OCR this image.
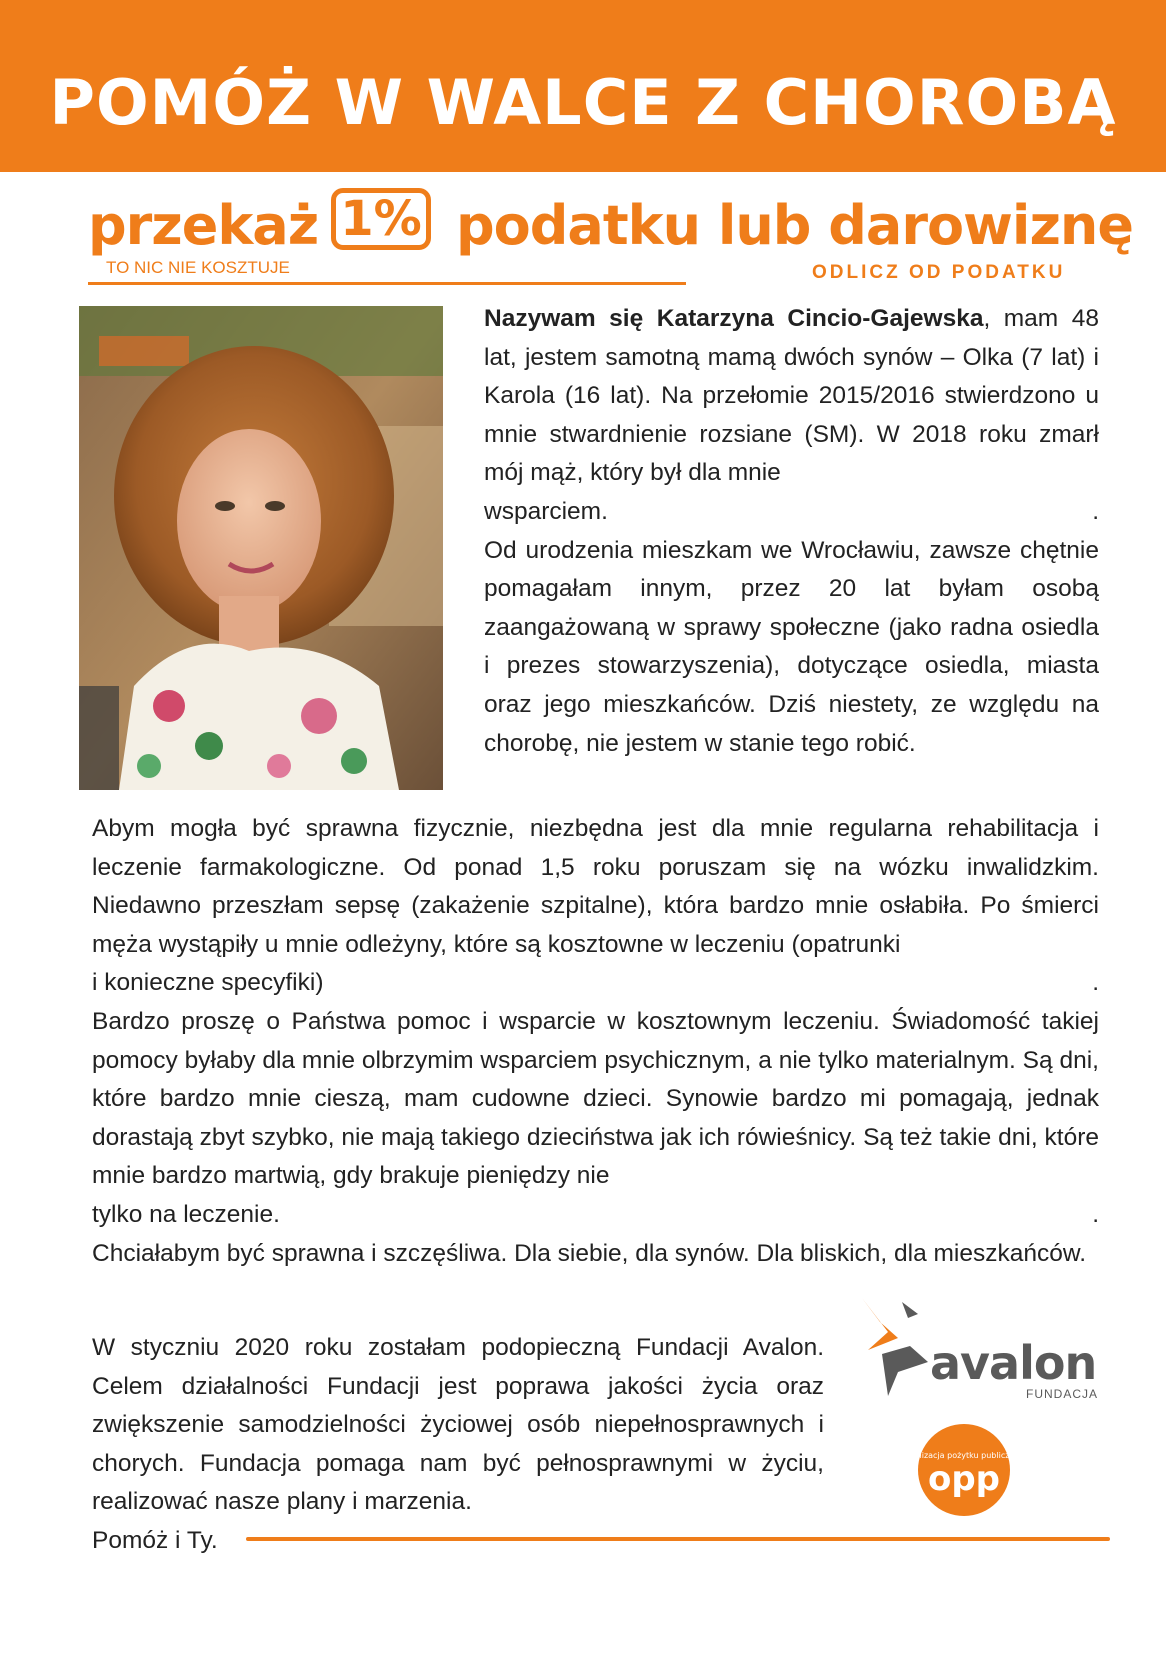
POMÓŻ W WALCE Z CHOROBĄ
przekaż
TO NIC NIE KOSZTUJE
1% podatku lub darowiznę
ODLICZ OD PODATKU

Nazywam się Katarzyna Cincio-Gajewska, mam 48 lat, jestem samotną mamą dwóch synów – Olka (7 lat) i Karola (16 lat). Na przełomie 2015/2016 stwierdzono u mnie stwardnienie rozsiane (SM). W 2018 roku zmarł mój mąż, który był dla mnie

wsparciem.	.

Od urodzenia mieszkam we Wrocławiu, zawsze chętnie pomagałam innym, przez 20 lat byłam osobą zaangażowaną w sprawy społeczne (jako radna osiedla i prezes stowarzyszenia), dotyczące osiedla, miasta oraz jego mieszkańców. Dziś niestety, ze względu na chorobę, nie jestem w stanie tego robić.

Abym mogła być sprawna fizycznie, niezbędna jest dla mnie regularna rehabilitacja i leczenie farmakologiczne. Od ponad 1,5 roku poruszam się na wózku inwalidzkim. Niedawno przeszłam sepsę (zakażenie szpitalne), która bardzo mnie osłabiła. Po śmierci męża wystąpiły u mnie odleżyny, które są kosztowne w leczeniu (opatrunki

i konieczne specyfiki)	.

Bardzo proszę o Państwa pomoc i wsparcie w kosztownym leczeniu. Świadomość takiej pomocy byłaby dla mnie olbrzymim wsparciem psychicznym, a nie tylko materialnym. Są dni, które bardzo mnie cieszą, mam cudowne dzieci. Synowie bardzo mi pomagają, jednak dorastają zbyt szybko, nie mają takiego dzieciństwa jak ich rówieśnicy. Są też takie dni, które mnie bardzo martwią, gdy brakuje pieniędzy nie

tylko na leczenie.	.

Chciałabym być sprawna i szczęśliwa. Dla siebie, dla synów. Dla bliskich, dla mieszkańców.

W styczniu 2020 roku zostałam podopieczną Fundacji Avalon. Celem działalności Fundacji jest poprawa jakości życia oraz zwiększenie samodzielności życiowej osób niepełnosprawnych i chorych. Fundacja pomaga nam być pełnosprawnymi w życiu, realizować nasze plany i marzenia.

Pomóż i Ty.

avalon
FUNDACJA
organizacja pożytku publicznego
opp
